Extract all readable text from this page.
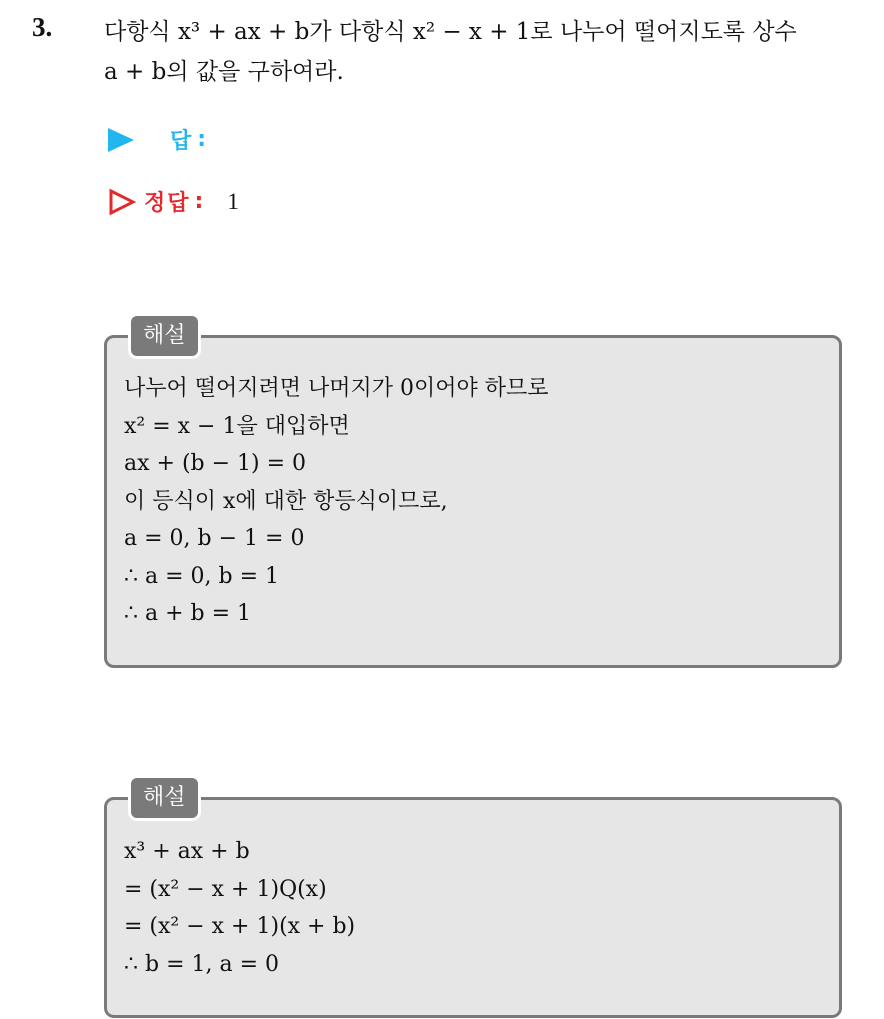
3. 다항식 x³ + ax + b가 다항식 x² − x + 1로 나누어 떨어지도록 상수
a + b의 값을 구하여라.
답 :
정답 : 1
해설
나누어 떨어지려면 나머지가 0이어야 하므로
x² = x − 1을 대입하면
ax + (b − 1) = 0
이 등식이 x에 대한 항등식이므로,
a = 0, b − 1 = 0
∴ a = 0, b = 1
∴ a + b = 1
해설
x³ + ax + b
= (x² − x + 1)Q(x)
= (x² − x + 1)(x + b)
∴ b = 1, a = 0
